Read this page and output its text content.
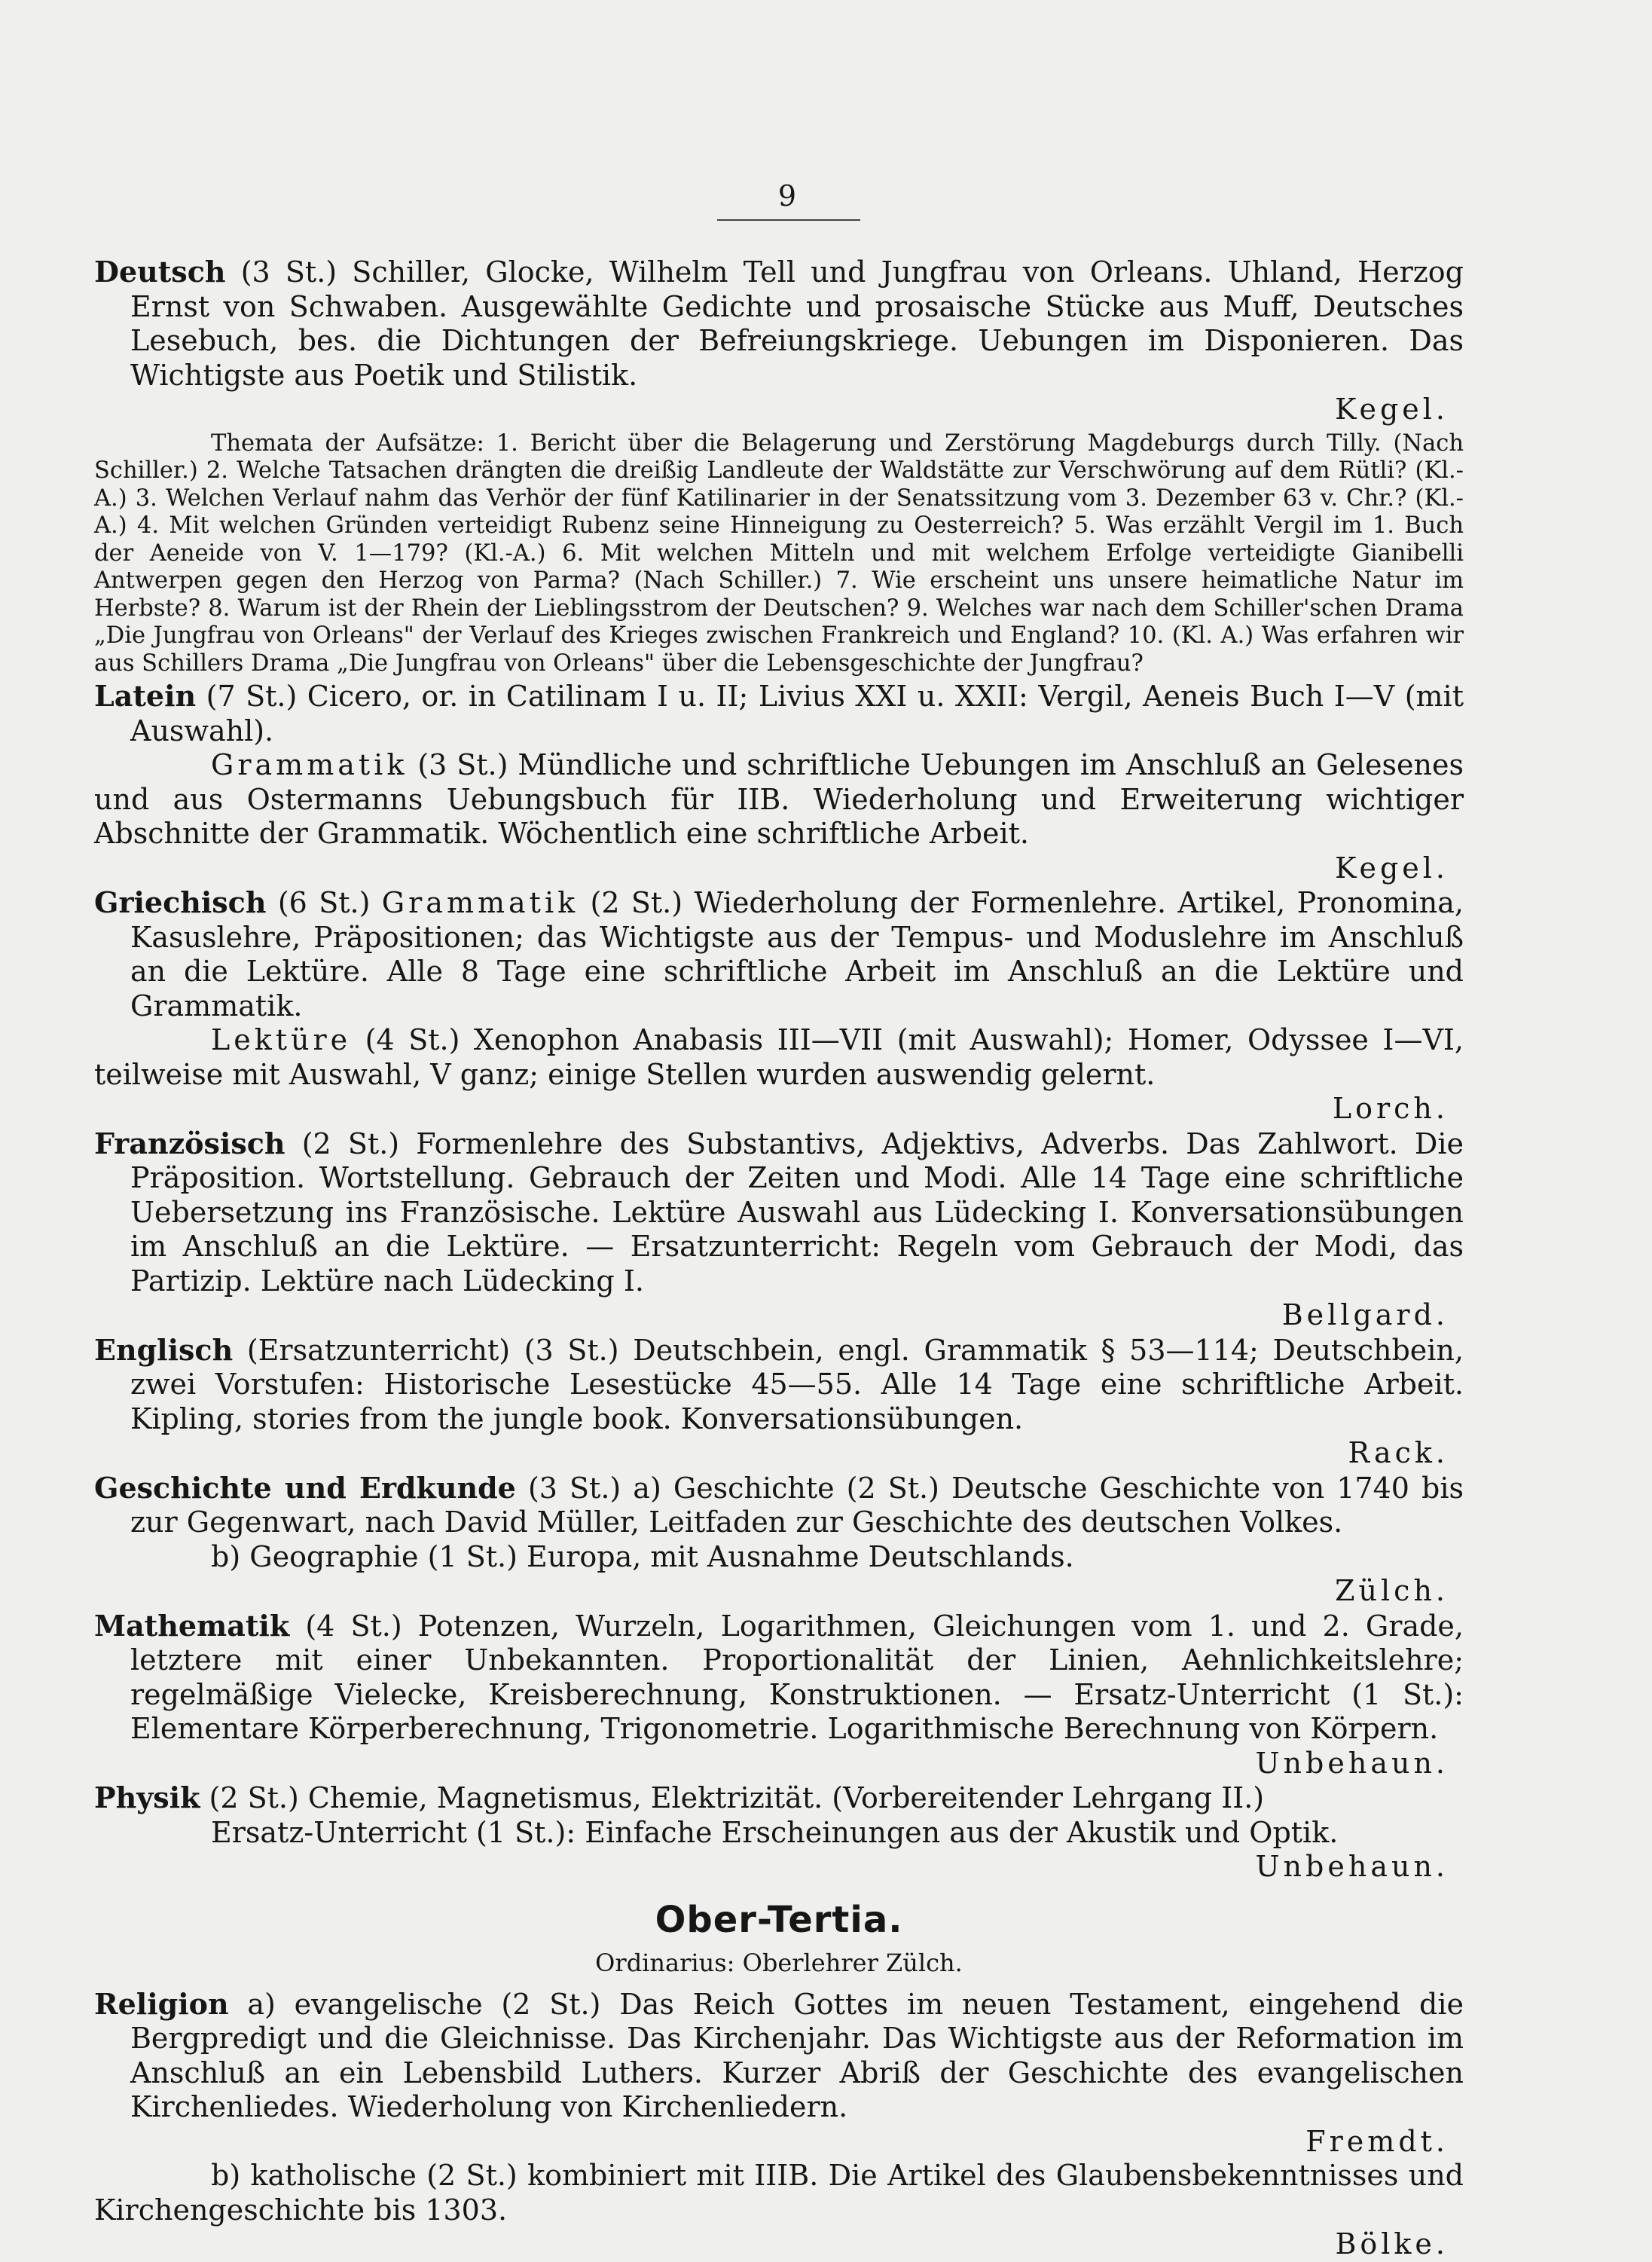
9

Deutsch (3 St.) Schiller, Glocke, Wilhelm Tell und Jungfrau von Orleans. Uhland, Herzog Ernst von Schwaben. Ausgewählte Gedichte und prosaische Stücke aus Muff, Deutsches Lesebuch, bes. die Dichtungen der Befreiungskriege. Uebungen im Disponieren. Das Wichtigste aus Poetik und Stilistik.

Kegel.

Themata der Aufsätze: 1. Bericht über die Belagerung und Zerstörung Magdeburgs durch Tilly. (Nach Schiller.) 2. Welche Tatsachen drängten die dreißig Landleute der Waldstätte zur Verschwörung auf dem Rütli? (Kl.-A.) 3. Welchen Verlauf nahm das Verhör der fünf Katilinarier in der Senatssitzung vom 3. Dezember 63 v. Chr.? (Kl.-A.) 4. Mit welchen Gründen verteidigt Rubenz seine Hinneigung zu Oesterreich? 5. Was erzählt Vergil im 1. Buch der Aeneide von V. 1—179? (Kl.-A.) 6. Mit welchen Mitteln und mit welchem Erfolge verteidigte Gianibelli Antwerpen gegen den Herzog von Parma? (Nach Schiller.) 7. Wie erscheint uns unsere heimatliche Natur im Herbste? 8. Warum ist der Rhein der Lieblingsstrom der Deutschen? 9. Welches war nach dem Schiller'schen Drama „Die Jungfrau von Orleans" der Verlauf des Krieges zwischen Frankreich und England? 10. (Kl. A.) Was erfahren wir aus Schillers Drama „Die Jungfrau von Orleans" über die Lebensgeschichte der Jungfrau?

Latein (7 St.) Cicero, or. in Catilinam I u. II; Livius XXI u. XXII: Vergil, Aeneis Buch I—V (mit Auswahl).

Grammatik (3 St.) Mündliche und schriftliche Uebungen im Anschluß an Gelesenes und aus Ostermanns Uebungsbuch für IIB. Wiederholung und Erweiterung wichtiger Abschnitte der Grammatik. Wöchentlich eine schriftliche Arbeit.

Kegel.

Griechisch (6 St.) Grammatik (2 St.) Wiederholung der Formenlehre. Artikel, Pronomina, Kasuslehre, Präpositionen; das Wichtigste aus der Tempus- und Moduslehre im Anschluß an die Lektüre. Alle 8 Tage eine schriftliche Arbeit im Anschluß an die Lektüre und Grammatik.

Lektüre (4 St.) Xenophon Anabasis III—VII (mit Auswahl); Homer, Odyssee I—VI, teilweise mit Auswahl, V ganz; einige Stellen wurden auswendig gelernt.

Lorch.

Französisch (2 St.) Formenlehre des Substantivs, Adjektivs, Adverbs. Das Zahlwort. Die Präposition. Wortstellung. Gebrauch der Zeiten und Modi. Alle 14 Tage eine schriftliche Uebersetzung ins Französische. Lektüre Auswahl aus Lüdecking I. Konversationsübungen im Anschluß an die Lektüre. — Ersatzunterricht: Regeln vom Gebrauch der Modi, das Partizip. Lektüre nach Lüdecking I.

Bellgard.

Englisch (Ersatzunterricht) (3 St.) Deutschbein, engl. Grammatik § 53—114; Deutschbein, zwei Vorstufen: Historische Lesestücke 45—55. Alle 14 Tage eine schriftliche Arbeit. Kipling, stories from the jungle book. Konversationsübungen.

Rack.

Geschichte und Erdkunde (3 St.) a) Geschichte (2 St.) Deutsche Geschichte von 1740 bis zur Gegenwart, nach David Müller, Leitfaden zur Geschichte des deutschen Volkes.

b) Geographie (1 St.) Europa, mit Ausnahme Deutschlands.

Zülch.

Mathematik (4 St.) Potenzen, Wurzeln, Logarithmen, Gleichungen vom 1. und 2. Grade, letztere mit einer Unbekannten. Proportionalität der Linien, Aehnlichkeitslehre; regelmäßige Vielecke, Kreisberechnung, Konstruktionen. — Ersatz-Unterricht (1 St.): Elementare Körperberechnung, Trigonometrie. Logarithmische Berechnung von Körpern.

Unbehaun.

Physik (2 St.) Chemie, Magnetismus, Elektrizität. (Vorbereitender Lehrgang II.)

Ersatz-Unterricht (1 St.): Einfache Erscheinungen aus der Akustik und Optik.

Unbehaun.
Ober-Tertia.
Ordinarius: Oberlehrer Zülch.

Religion a) evangelische (2 St.) Das Reich Gottes im neuen Testament, eingehend die Bergpredigt und die Gleichnisse. Das Kirchenjahr. Das Wichtigste aus der Reformation im Anschluß an ein Lebensbild Luthers. Kurzer Abriß der Geschichte des evangelischen Kirchenliedes. Wiederholung von Kirchenliedern.

Fremdt.

b) katholische (2 St.) kombiniert mit IIIB. Die Artikel des Glaubensbekenntnisses und Kirchengeschichte bis 1303.

Bölke.
